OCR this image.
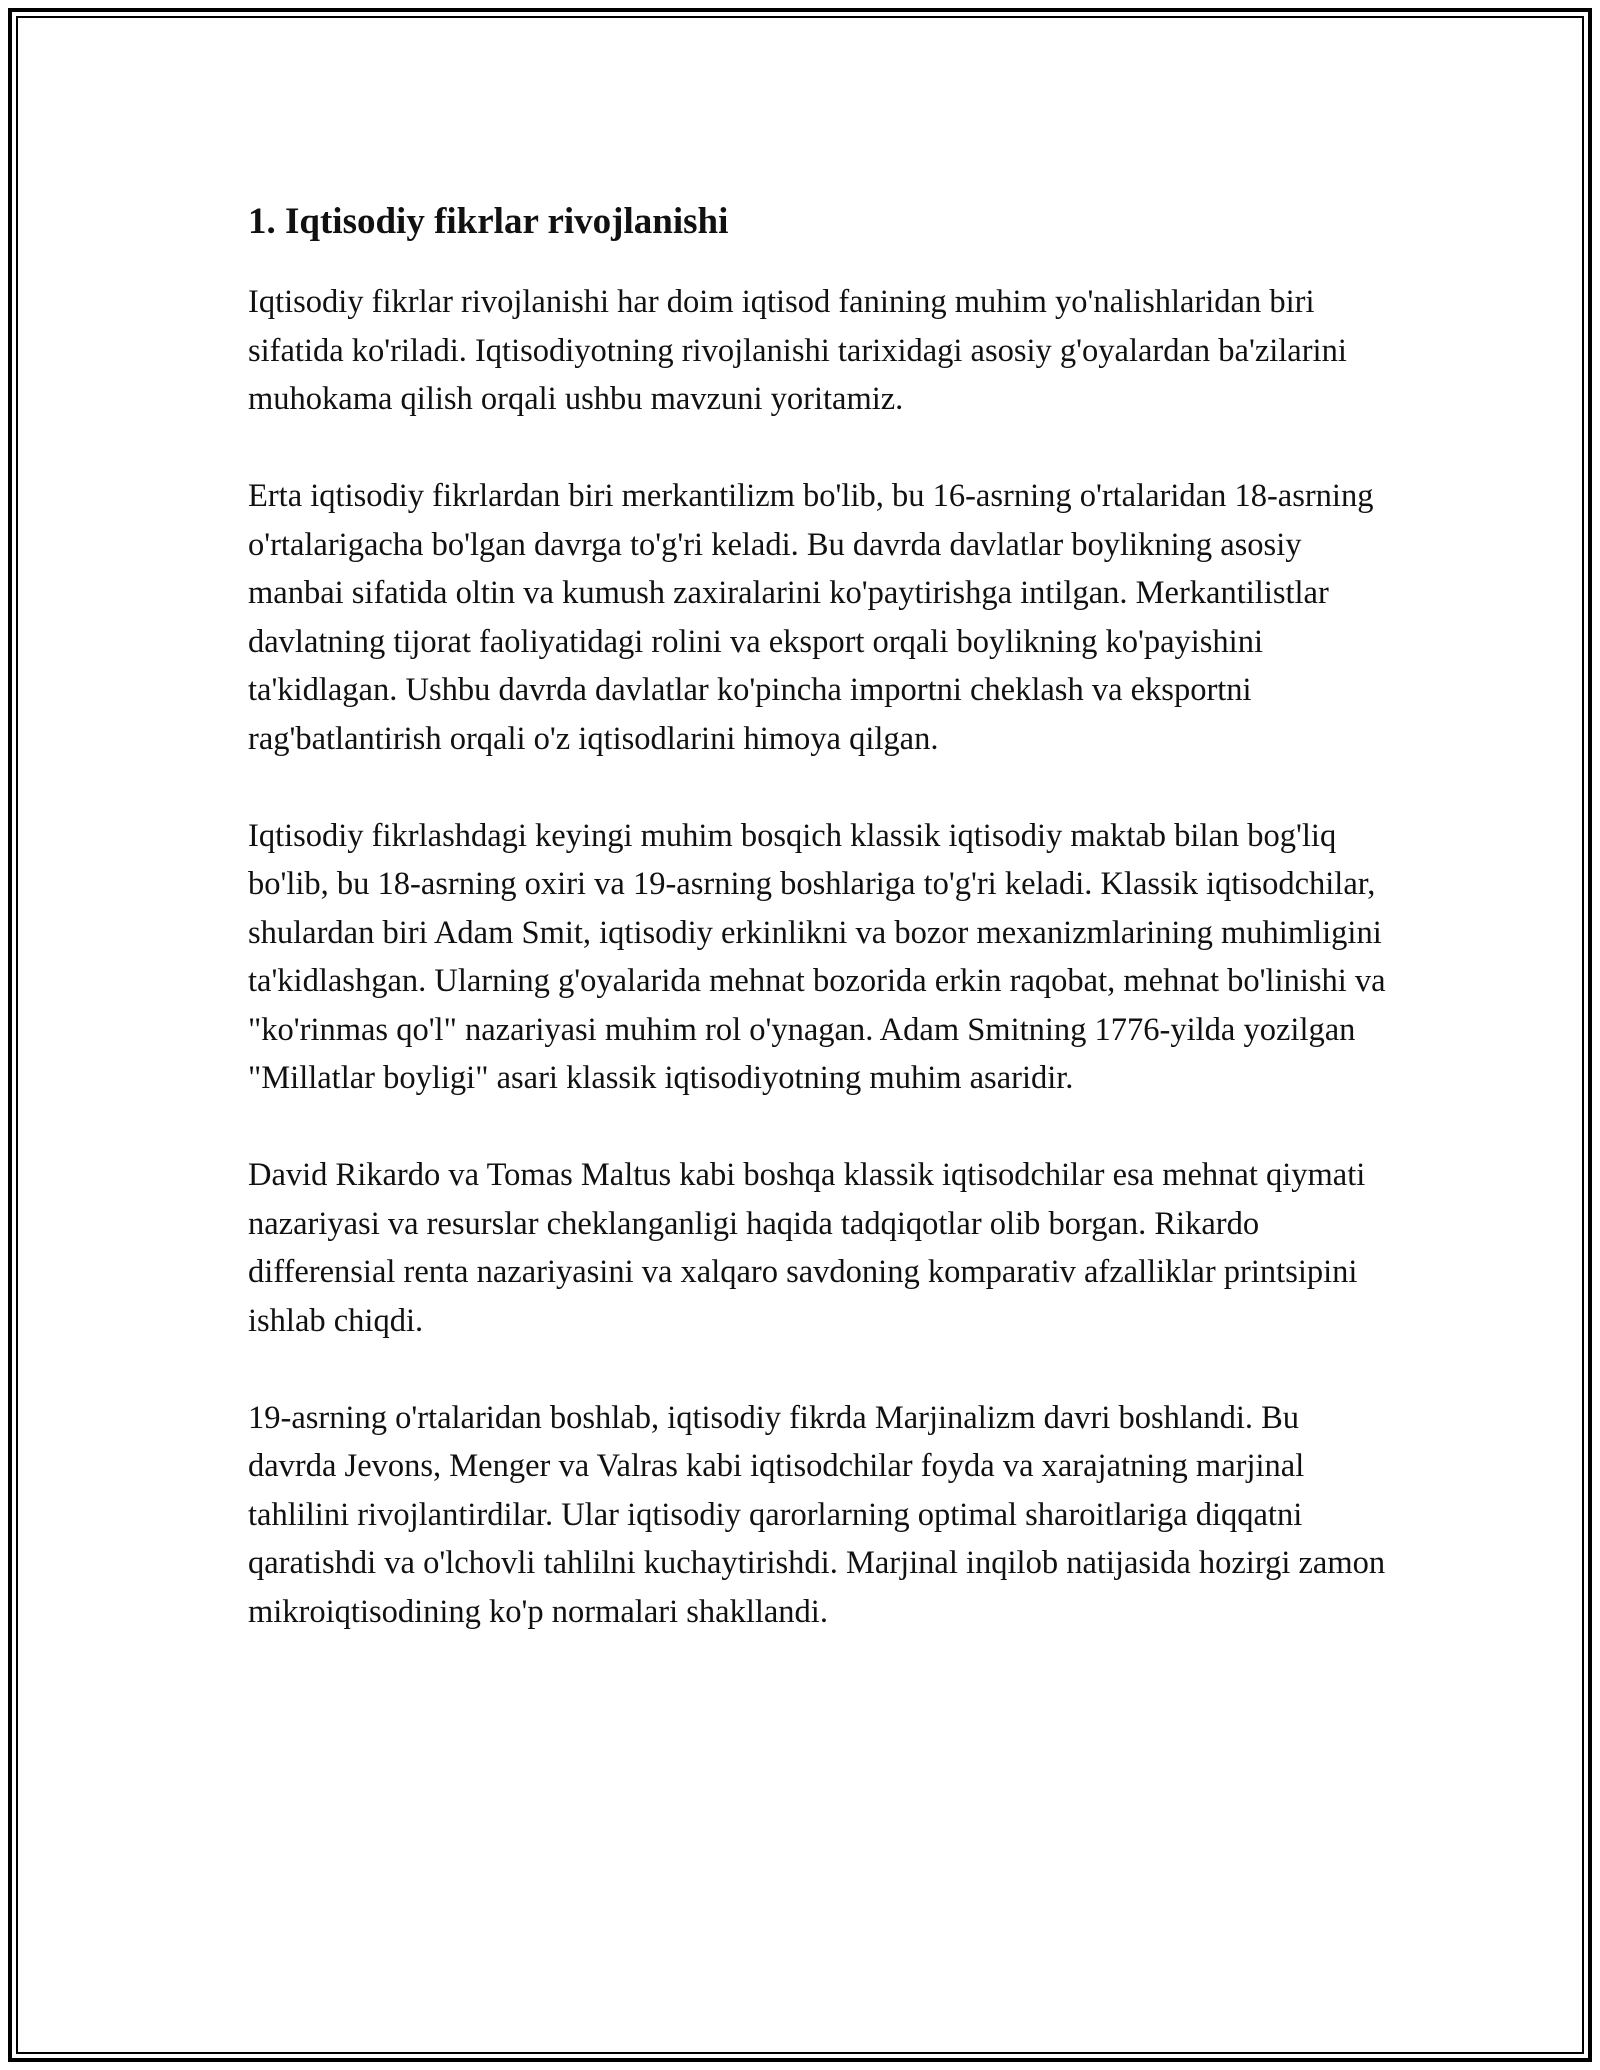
1. Iqtisodiy fikrlar rivojlanishi

Iqtisodiy fikrlar rivojlanishi har doim iqtisod fanining muhim yo'nalishlaridan biri sifatida ko'riladi. Iqtisodiyotning rivojlanishi tarixidagi asosiy g'oyalardan ba'zilarini muhokama qilish orqali ushbu mavzuni yoritamiz.

Erta iqtisodiy fikrlardan biri merkantilizm bo'lib, bu 16-asrning o'rtalaridan 18-asrning o'rtalarigacha bo'lgan davrga to'g'ri keladi. Bu davrda davlatlar boylikning asosiy manbai sifatida oltin va kumush zaxiralarini ko'paytirishga intilgan. Merkantilistlar davlatning tijorat faoliyatidagi rolini va eksport orqali boylikning ko'payishini ta'kidlagan. Ushbu davrda davlatlar ko'pincha importni cheklash va eksportni rag'batlantirish orqali o'z iqtisodlarini himoya qilgan.

Iqtisodiy fikrlashdagi keyingi muhim bosqich klassik iqtisodiy maktab bilan bog'liq bo'lib, bu 18-asrning oxiri va 19-asrning boshlariga to'g'ri keladi. Klassik iqtisodchilar, shulardan biri Adam Smit, iqtisodiy erkinlikni va bozor mexanizmlarining muhimligini ta'kidlashgan. Ularning g'oyalarida mehnat bozorida erkin raqobat, mehnat bo'linishi va "ko'rinmas qo'l" nazariyasi muhim rol o'ynagan. Adam Smitning 1776-yilda yozilgan "Millatlar boyligi" asari klassik iqtisodiyotning muhim asaridir.

David Rikardo va Tomas Maltus kabi boshqa klassik iqtisodchilar esa mehnat qiymati nazariyasi va resurslar cheklanganligi haqida tadqiqotlar olib borgan. Rikardo differensial renta nazariyasini va xalqaro savdoning komparativ afzalliklar printsipini ishlab chiqdi.

19-asrning o'rtalaridan boshlab, iqtisodiy fikrda Marjinalizm davri boshlandi. Bu davrda Jevons, Menger va Valras kabi iqtisodchilar foyda va xarajatning marjinal tahlilini rivojlantirdilar. Ular iqtisodiy qarorlarning optimal sharoitlariga diqqatni qaratishdi va o'lchovli tahlilni kuchaytirishdi. Marjinal inqilob natijasida hozirgi zamon mikroiqtisodining ko'p normalari shakllandi.
